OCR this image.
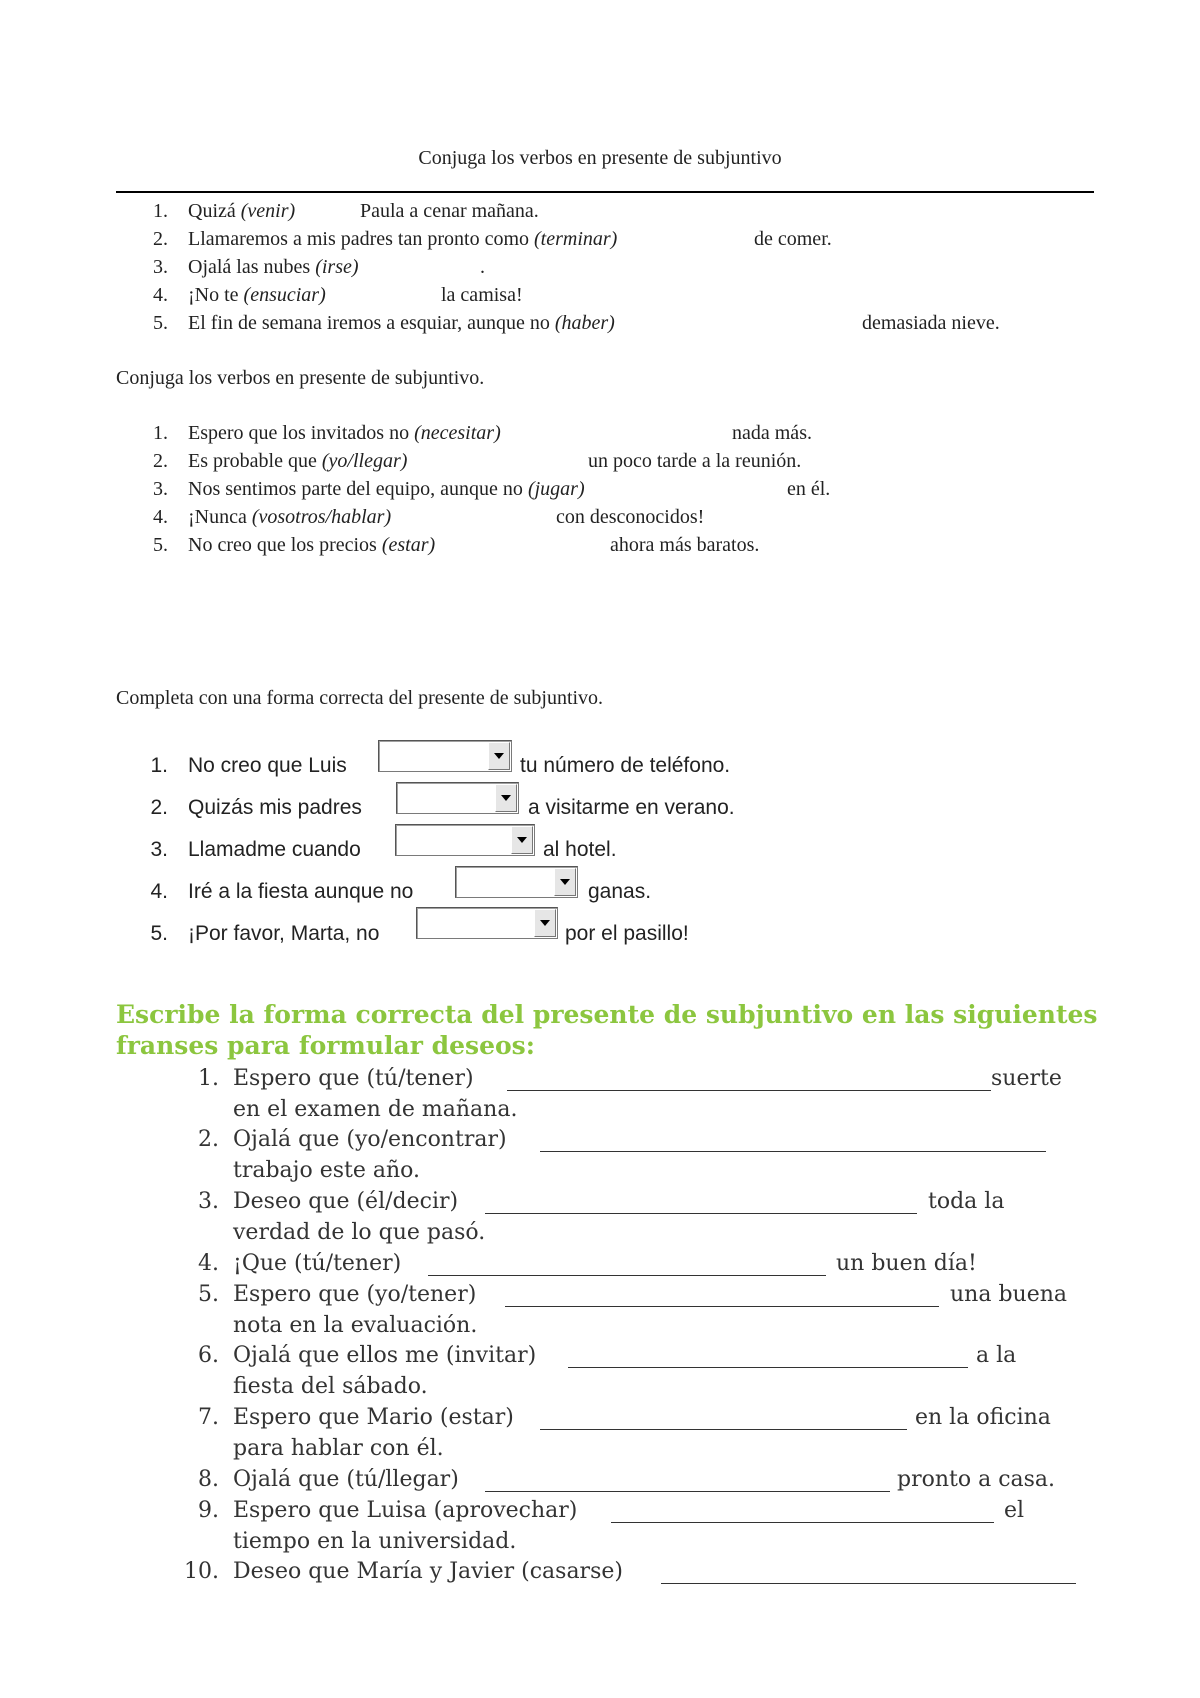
Conjuga los verbos en presente de subjuntivo
1. Quizá (venir)	Paula a cenar mañana.
2. Llamaremos a mis padres tan pronto como (terminar)	de comer.
3. Ojalá las nubes (irse)	.
4. ¡No te (ensuciar)	la camisa!
5. El fin de semana iremos a esquiar, aunque no (haber)	demasiada nieve.
Conjuga los verbos en presente de subjuntivo.
1. Espero que los invitados no (necesitar)	nada más.
2. Es probable que (yo/llegar)	un poco tarde a la reunión.
3. Nos sentimos parte del equipo, aunque no (jugar)	en él.
4. ¡Nunca (vosotros/hablar)	con desconocidos!
5. No creo que los precios (estar)	ahora más baratos.
Completa con una forma correcta del presente de subjuntivo.
1. No creo que Luis	tu número de teléfono.
2. Quizás mis padres	a visitarme en verano.
3. Llamadme cuando	al hotel.
4. Iré a la fiesta aunque no	ganas.
5. ¡Por favor, Marta, no	por el pasillo!
Escribe la forma correcta del presente de subjuntivo en las siguientes
franses para formular deseos:
1. Espero que (tú/tener)	suerte
en el examen de mañana.
2. Ojalá que (yo/encontrar)
trabajo este año.
3. Deseo que (él/decir)	toda la
verdad de lo que pasó.
4. ¡Que (tú/tener)	un buen día!
5. Espero que (yo/tener)	una buena
nota en la evaluación.
6. Ojalá que ellos me (invitar)	a la
fiesta del sábado.
7. Espero que Mario (estar)	en la oficina
para hablar con él.
8. Ojalá que (tú/llegar)	pronto a casa.
9. Espero que Luisa (aprovechar)	el
tiempo en la universidad.
10. Deseo que María y Javier (casarse)
